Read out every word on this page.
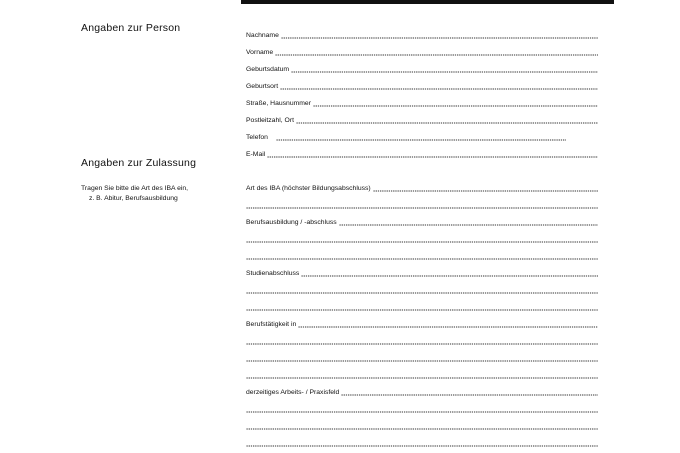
Angaben zur Person
Nachname
Vorname
Geburtsdatum
Geburtsort
Straße, Hausnummer
Postleitzahl, Ort
Telefon
E-Mail
Angaben zur Zulassung
Tragen Sie bitte die Art des IBA ein,
z. B. Abitur, Berufsausbildung
Art des IBA (höchster Bildungsabschluss)
Berufsausbildung / -abschluss
Studienabschluss
Berufstätigkeit in
derzeitiges Arbeits- / Praxisfeld
